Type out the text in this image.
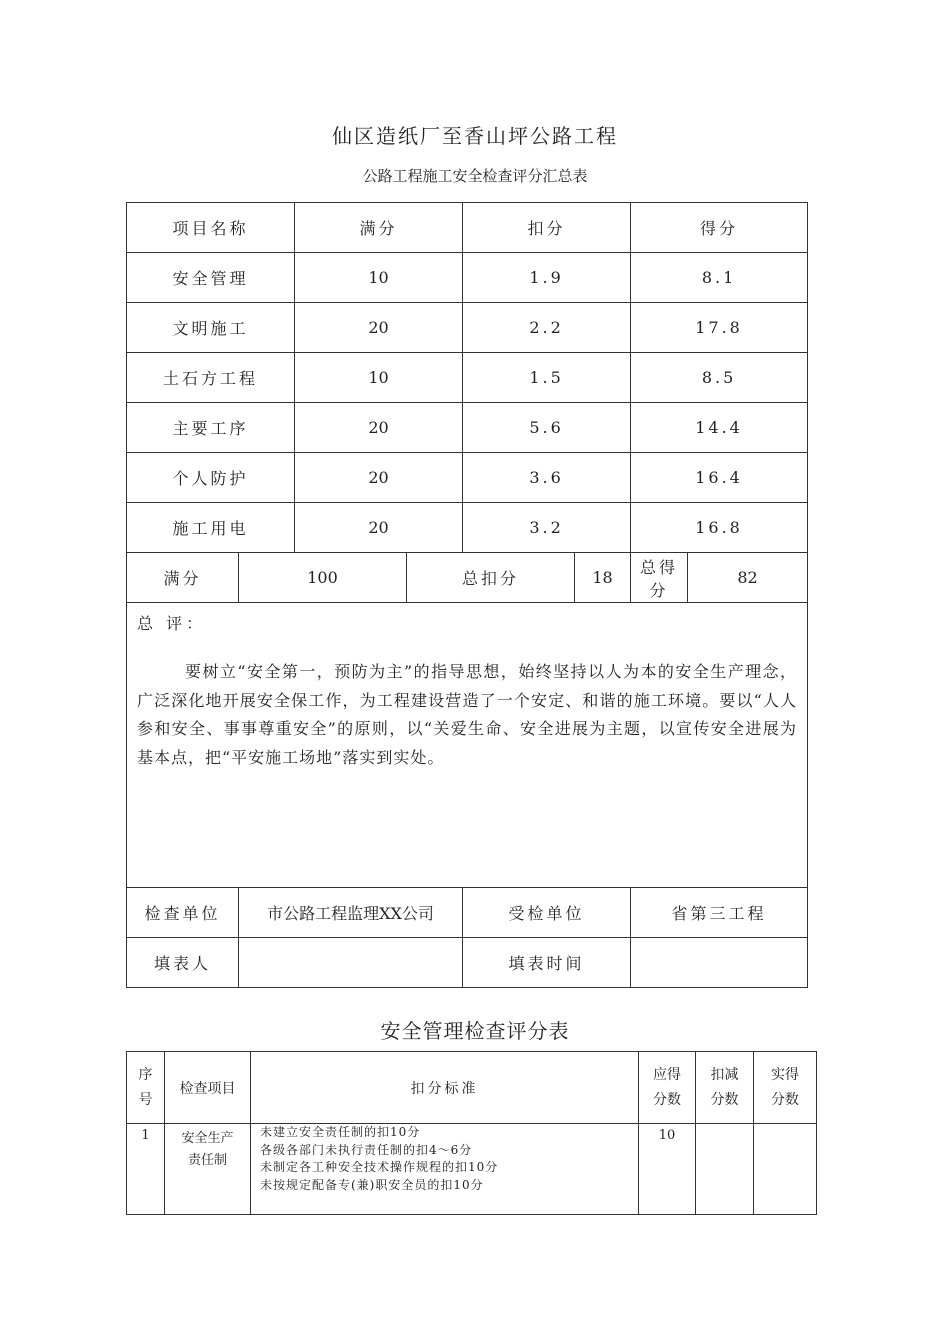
仙区造纸厂至香山坪公路工程
公路工程施工安全检查评分汇总表
项目名称		满分		扣分		得分	
安全管理		10		1.9		8.1	
文明施工		20		2.2		17.8	
土石方工程		10		1.5		8.5	
主要工序		20		5.6		14.4	
个人防护		20		3.6		16.4	
施工用电		20		3.2		16.8	
满分	100		总扣分		18	总得分	82

总 评：
要树立“安全第一，预防为主”的指导思想，始终坚持以人为本的安全生产理念，广泛深化地开展安全保工作，为工程建设营造了一个安定、和谐的施工环境。要以“人人参和安全、事事尊重安全”的原则，以“关爱生命、安全进展为主题，以宣传安全进展为基本点，把“平安施工场地”落实到实处。							

检查单位	市公路工程监理XX公司			受检单位		省第三工程	
填表人				填表时间			
安全管理检查评分表
序号	检查项目	扣分标准	应得分数	扣减分数	实得分数

1	安全生产责任制	未建立安全责任制的扣10分
各级各部门未执行责任制的扣4～6分
未制定各工种安全技术操作规程的扣10分
未按规定配备专(兼)职安全员的扣10分	10		
